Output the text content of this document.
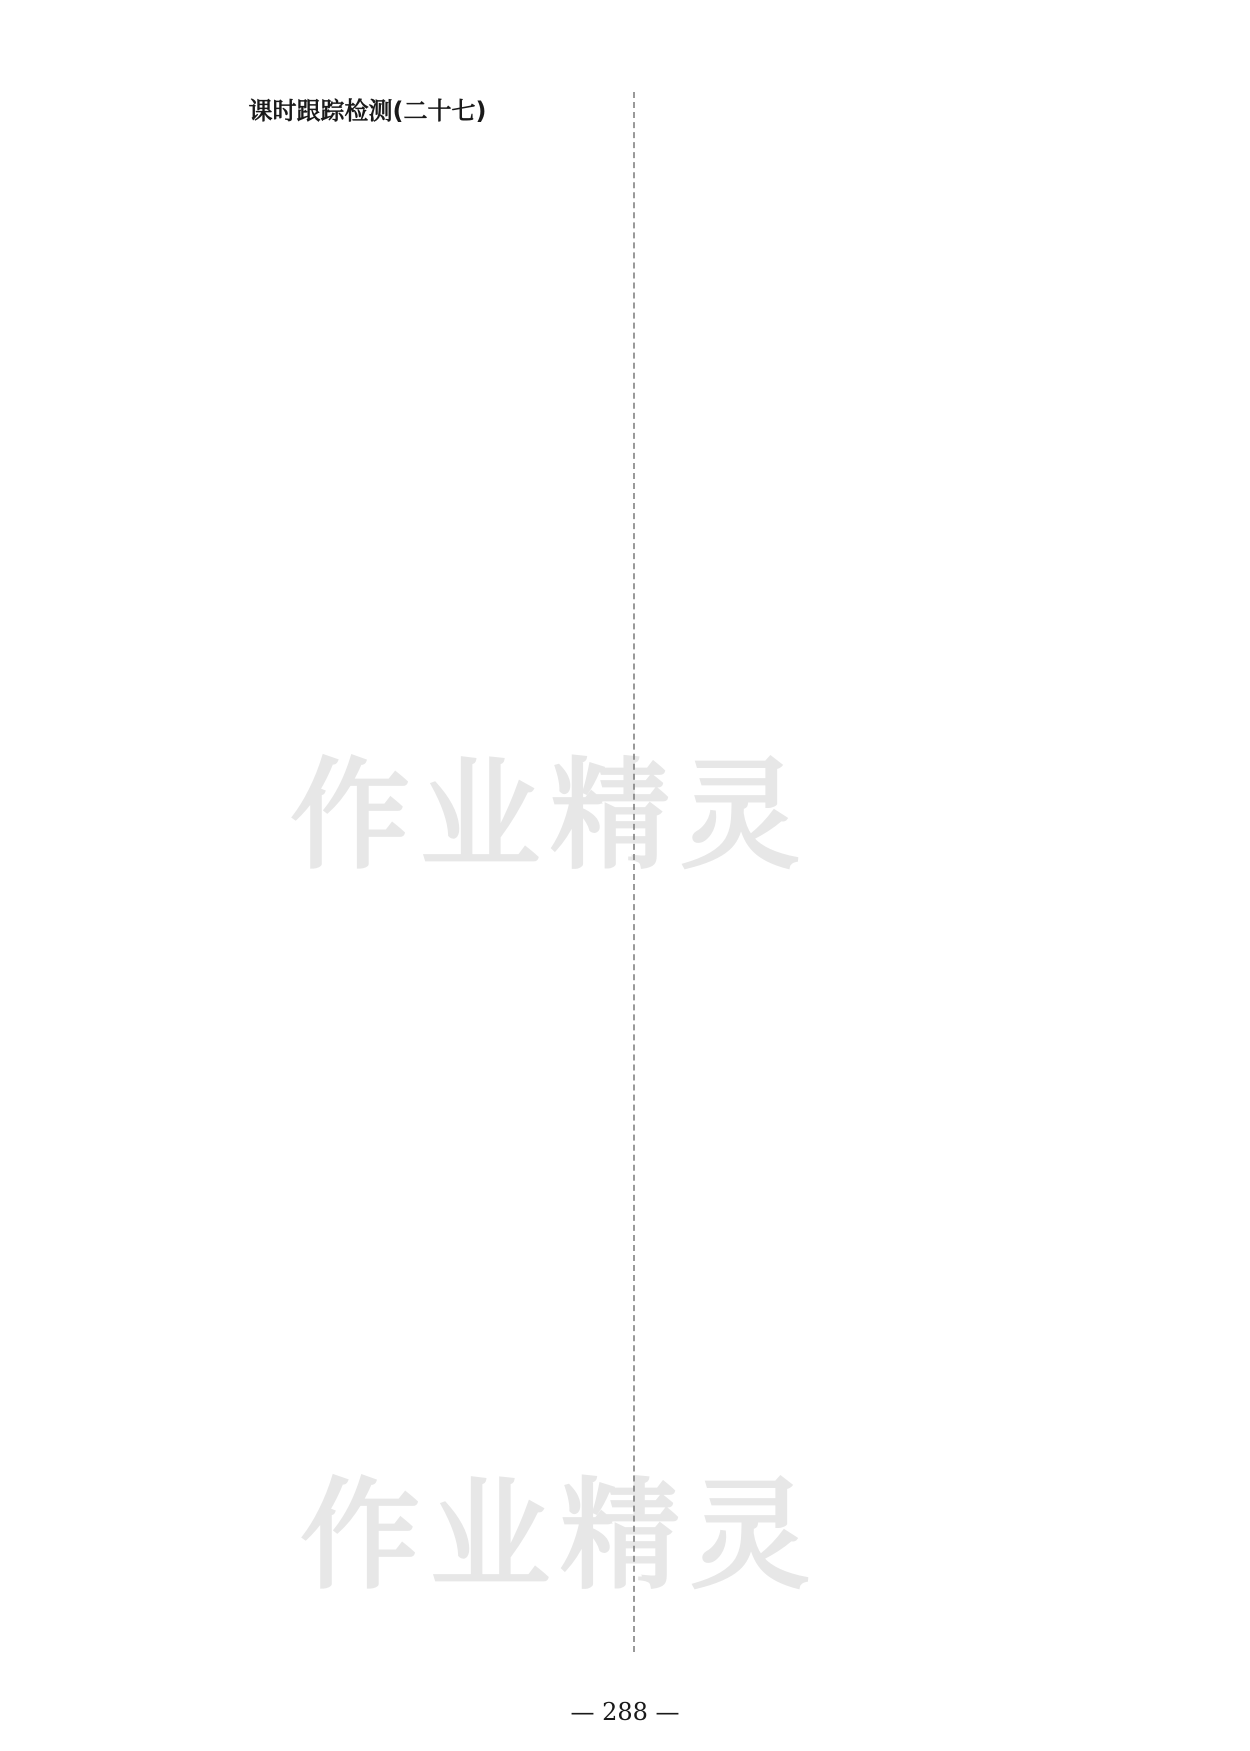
课时跟踪检测(二十七)
作业精灵
作业精灵
— 288 —
